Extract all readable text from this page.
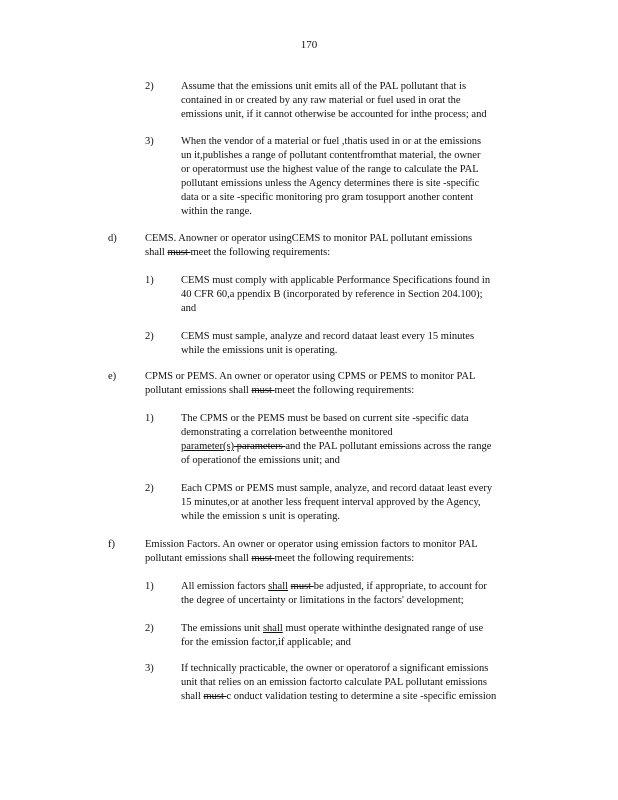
170
2)	Assume that the emissions unit emits all of the PAL pollutant that is
contained in or created by any raw material or fuel used in orat the
emissions unit, if it cannot otherwise be accounted for inthe process; and
3)	When the vendor of a material or fuel ,thatis used in or at the emissions
un it,publishes a range of pollutant contentfromthat material, the owner
or operatormust use the highest value of the range to calculate the PAL
pollutant emissions unless the Agency determines there is site -specific
data or a site -specific monitoring pro gram tosupport another content
within the range.
d)	CEMS. Anowner or operator usingCEMS to monitor PAL pollutant emissions
shall must meet the following requirements:
1)	CEMS must comply with applicable Performance Specifications found in
40 CFR 60,a ppendix B (incorporated by reference in Section 204.100);
and
2)	CEMS must sample, analyze and record dataat least every 15 minutes
while the emissions unit is operating.
e)	CPMS or PEMS. An owner or operator using CPMS or PEMS to monitor PAL
pollutant emissions shall must meet the following requirements:
1)	The CPMS or the PEMS must be based on current site -specific data
demonstrating a correlation betweenthe monitored
parameter(s) parameters and the PAL pollutant emissions across the range
of operationof the emissions unit; and
2)	Each CPMS or PEMS must sample, analyze, and record dataat least every
15 minutes,or at another less frequent interval approved by the Agency,
while the emission s unit is operating.
f)	Emission Factors. An owner or operator using emission factors to monitor PAL
pollutant emissions shall must meet the following requirements:
1)	All emission factors shall must be adjusted, if appropriate, to account for
the degree of uncertainty or limitations in the factors' development;
2)	The emissions unit shall must operate withinthe designated range of use
for the emission factor,if applicable; and
3)	If technically practicable, the owner or operatorof a significant emissions
unit that relies on an emission factorto calculate PAL pollutant emissions
shall must c onduct validation testing to determine a site -specific emission
